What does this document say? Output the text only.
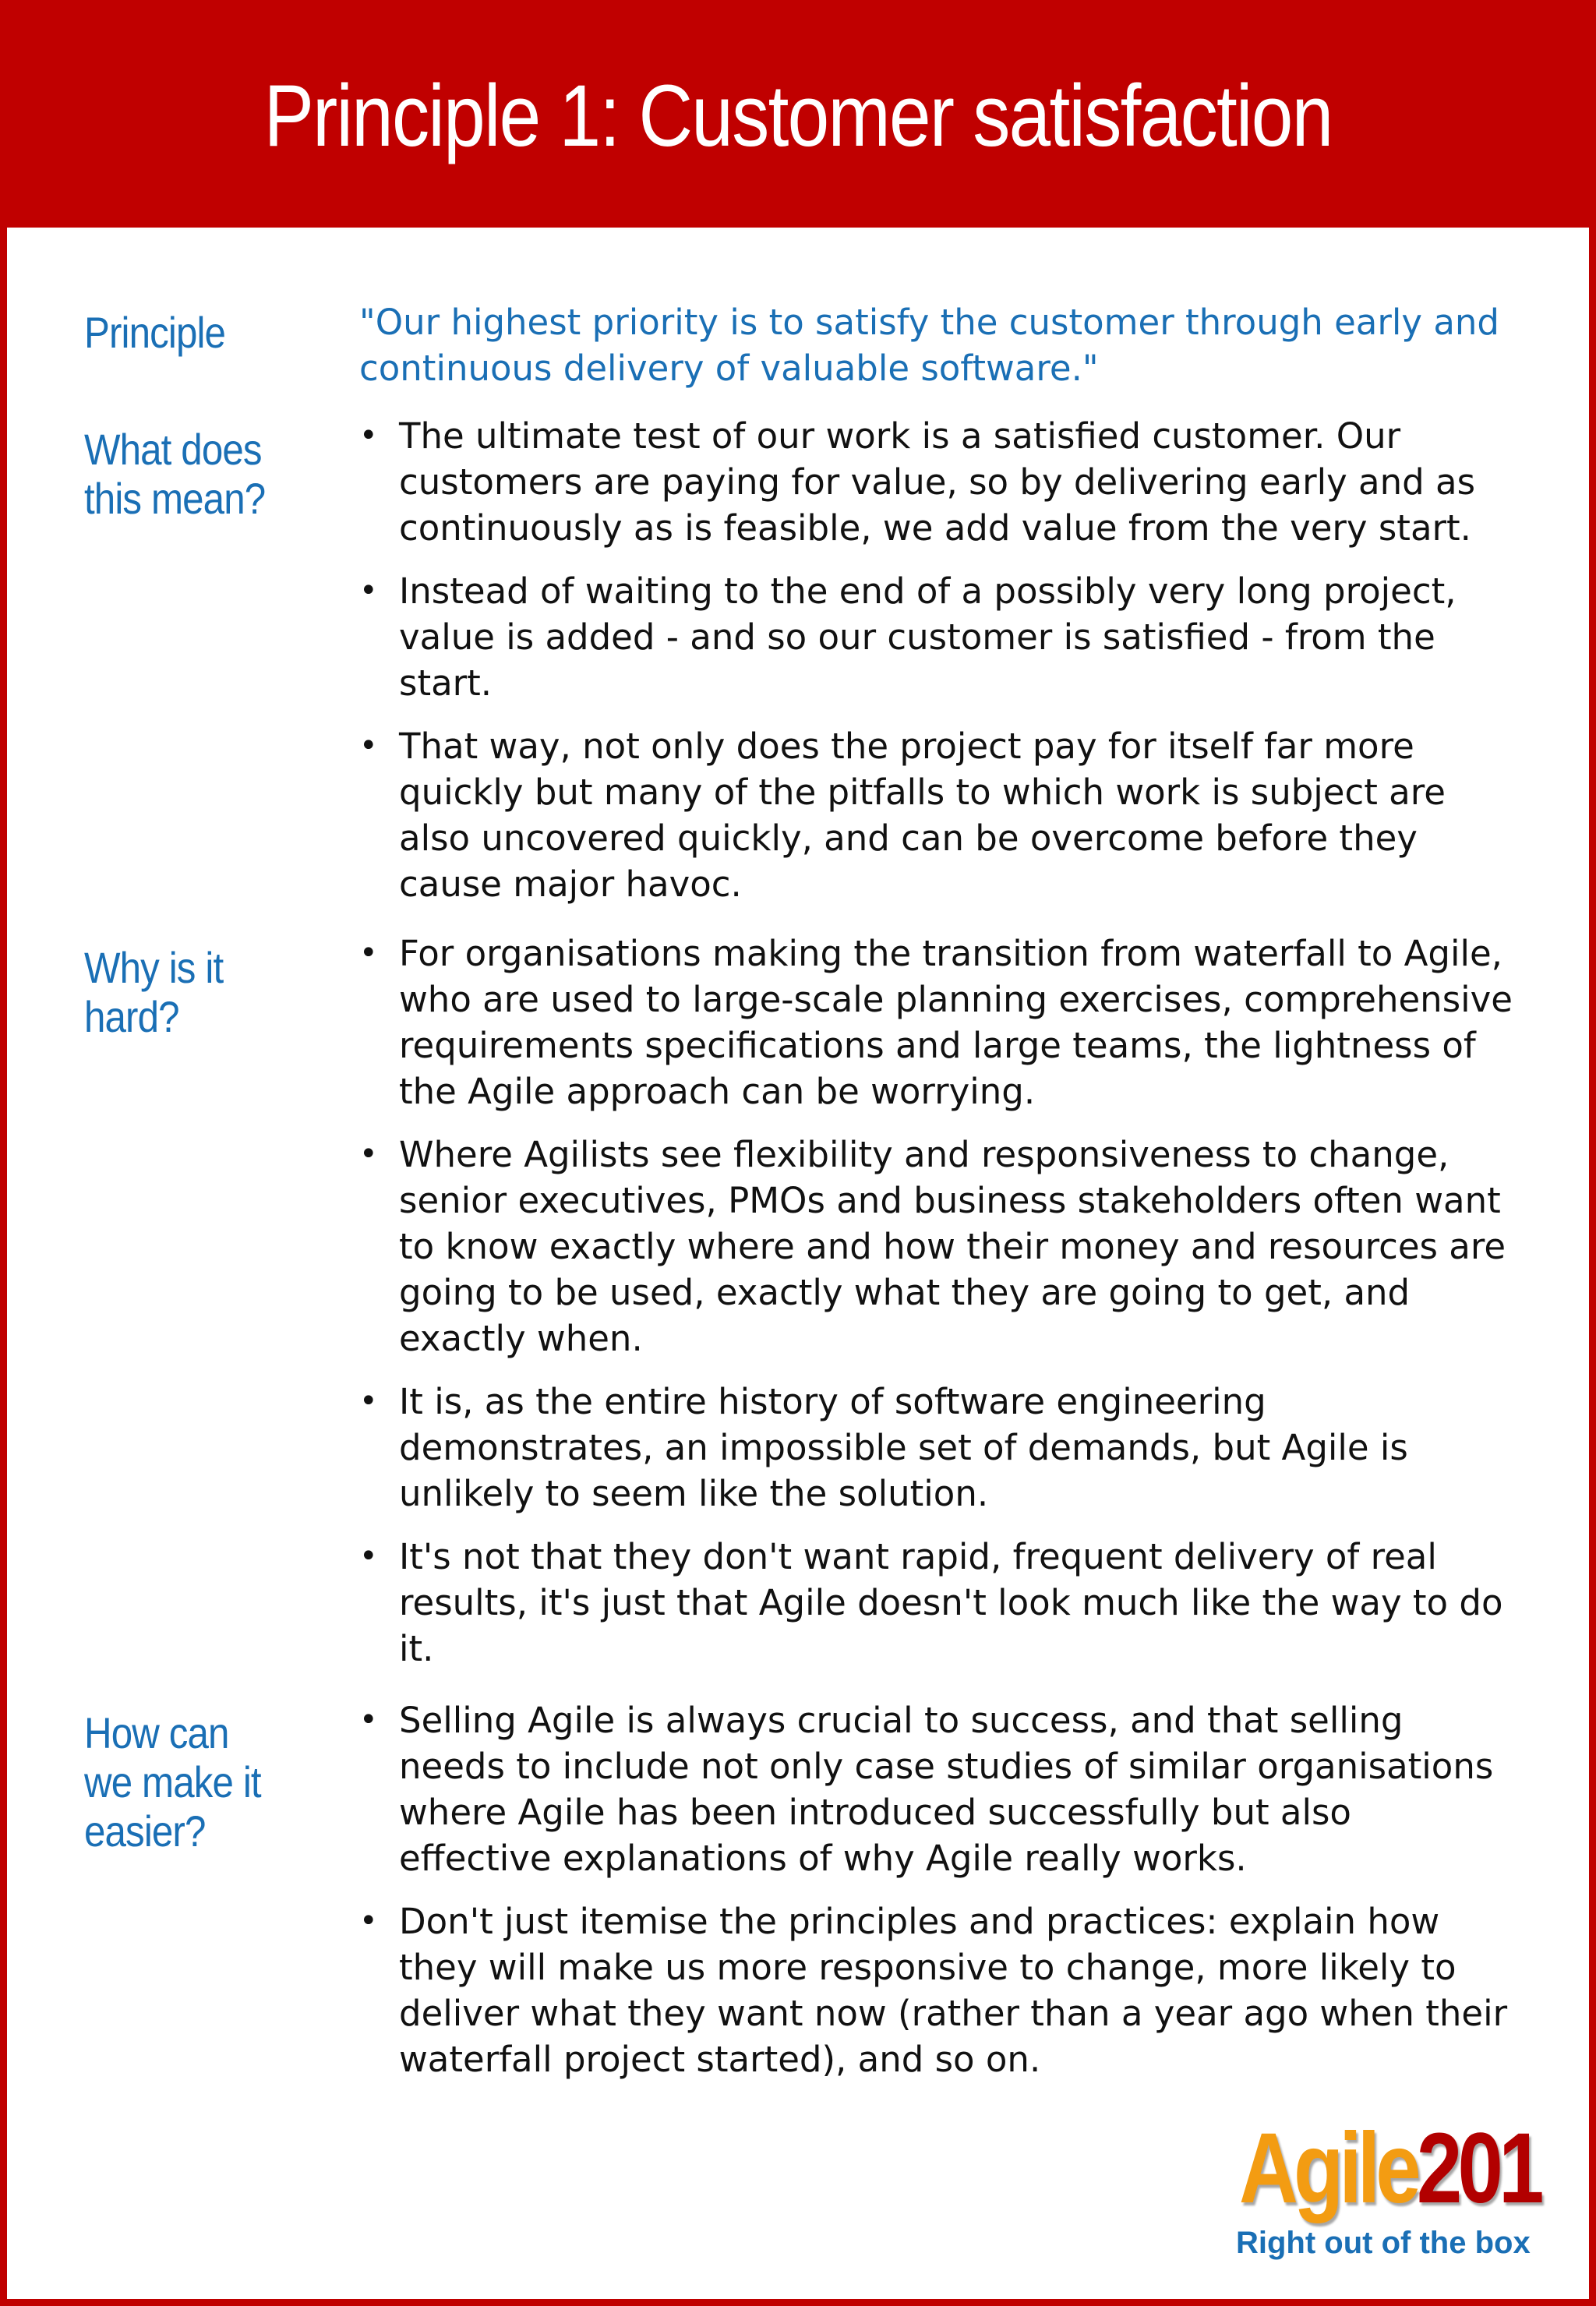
Principle 1: Customer satisfaction
Principle	"Our highest priority is to satisfy the customer through early and continuous delivery of valuable software."

What does this mean?
• The ultimate test of our work is a satisfied customer. Our customers are paying for value, so by delivering early and as continuously as is feasible, we add value from the very start.
• Instead of waiting to the end of a possibly very long project, value is added - and so our customer is satisfied - from the start.
• That way, not only does the project pay for itself far more quickly but many of the pitfalls to which work is subject are also uncovered quickly, and can be overcome before they cause major havoc.
Why is it hard?
• For organisations making the transition from waterfall to Agile, who are used to large-scale planning exercises, comprehensive requirements specifications and large teams, the lightness of the Agile approach can be worrying.
• Where Agilists see flexibility and responsiveness to change, senior executives, PMOs and business stakeholders often want to know exactly where and how their money and resources are going to be used, exactly what they are going to get, and exactly when.
• It is, as the entire history of software engineering demonstrates, an impossible set of demands, but Agile is unlikely to seem like the solution.
• It's not that they don't want rapid, frequent delivery of real results, it's just that Agile doesn't look much like the way to do it.
How can we make it easier?
• Selling Agile is always crucial to success, and that selling needs to include not only case studies of similar organisations where Agile has been introduced successfully but also effective explanations of why Agile really works.
• Don't just itemise the principles and practices: explain how they will make us more responsive to change, more likely to deliver what they want now (rather than a year ago when their waterfall project started), and so on.
Agile201
Right out of the box
